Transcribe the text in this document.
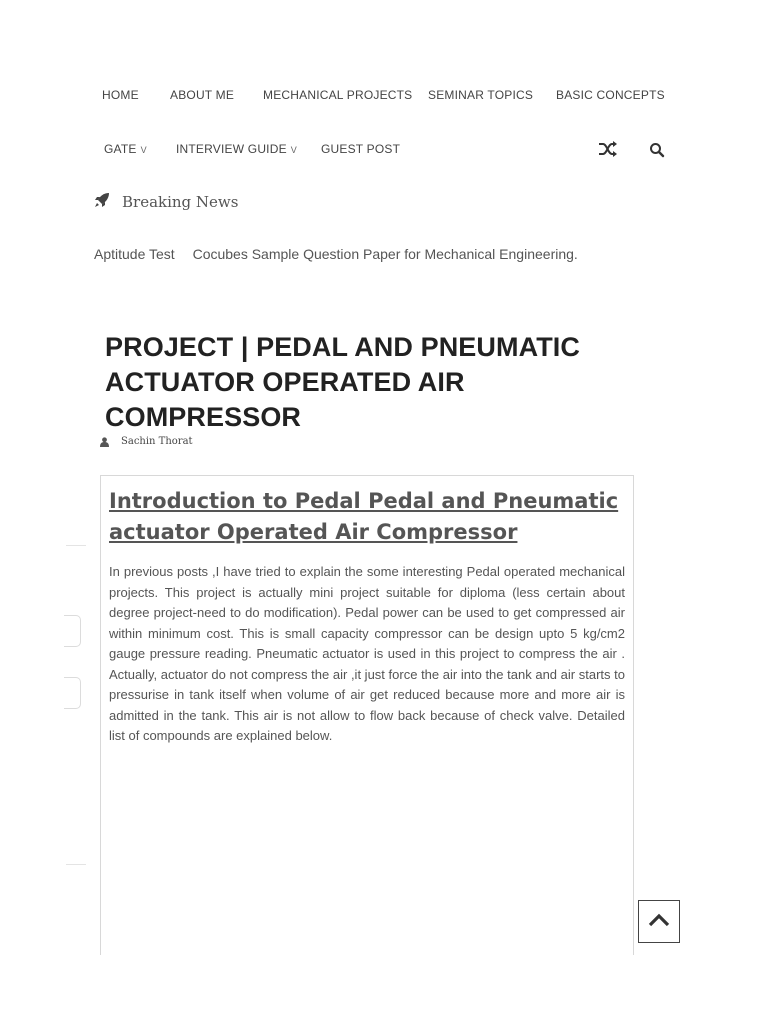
HOME	ABOUT ME MECHANICAL PROJECTS SEMINAR TOPICS BASIC CONCEPTS
GATE V INTERVIEW GUIDE V GUEST POST
Breaking News
Aptitude Test Cocubes Sample Question Paper for Mechanical Engineering.
PROJECT | PEDAL AND PNEUMATIC ACTUATOR OPERATED AIR COMPRESSOR
Sachin Thorat
Introduction to Pedal Pedal and Pneumatic actuator Operated Air Compressor

In previous posts ,I have tried to explain the some interesting Pedal operated mechanical projects. This project is actually mini project suitable for diploma (less certain about degree project-need to do modification). Pedal power can be used to get compressed air within minimum cost. This is small capacity compressor can be design upto 5 kg/cm2 gauge pressure reading. Pneumatic actuator is used in this project to compress the air . Actually, actuator do not compress the air ,it just force the air into the tank and air starts to pressurise in tank itself when volume of air get reduced because more and more air is admitted in the tank. This air is not allow to flow back because of check valve. Detailed list of compounds are explained below.
